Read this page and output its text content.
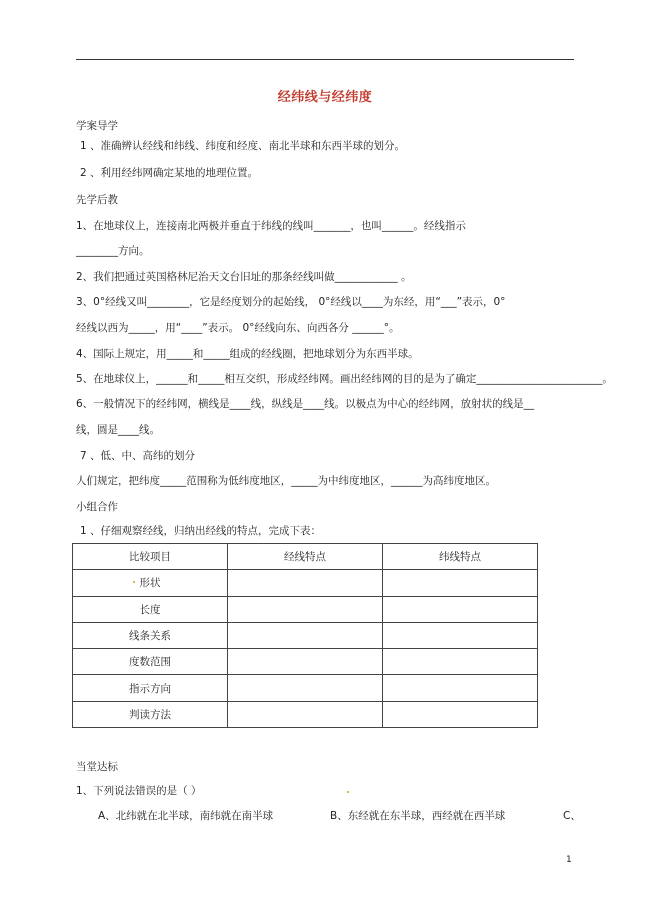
经纬线与经纬度
学案导学
1 、准确辨认经线和纬线、纬度和经度、南北半球和东西半球的划分。
2 、利用经纬网确定某地的地理位置。
先学后教
1、在地球仪上，连接南北两极并垂直于纬线的线叫_______，也叫______。经线指示
________方向。
2、我们把通过英国格林尼治天文台旧址的那条经线叫做____________ 。
3、0°经线又叫________，它是经度划分的起始线， 0°经线以____为东经，用“___”表示，0°
经线以西为_____，用“____”表示。 0°经线向东、向西各分 ______°。
4、国际上规定，用_____和_____组成的经线圈，把地球划分为东西半球。
5、在地球仪上，______和_____相互交织，形成经纬网。画出经纬网的目的是为了确定________________________。
6、一般情况下的经纬网，横线是____线，纵线是____线。以极点为中心的经纬网，放射状的线是__
线，圆是____线。
7 、低、中、高纬的划分
人们规定，把纬度_____范围称为低纬度地区，_____为中纬度地区，______为高纬度地区。
小组合作
1 、仔细观察经线，归纳出经线的特点，完成下表：
比较项目	经线特点	纬线特点
形状		
长度		
线条关系		
度数范围		
指示方向		
判读方法		
当堂达标
1、下列说法错误的是（ ）
A、北纬就在北半球，南纬就在南半球	B、东经就在东半球，西经就在西半球	C、
1
